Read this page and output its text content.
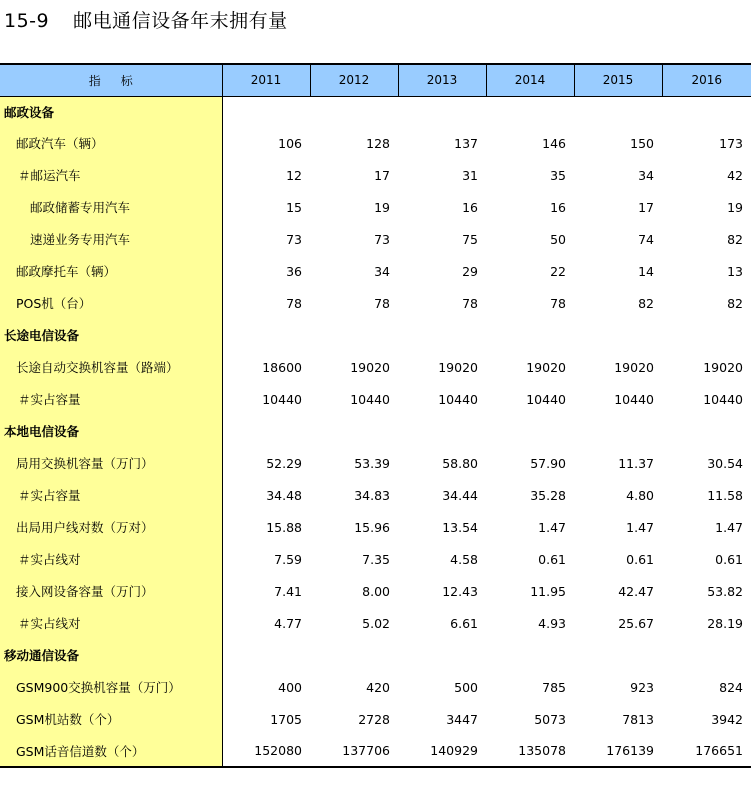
15-9 邮电通信设备年末拥有量
指标	2011	2012	2013	2014	2015	2016
邮政设备						
邮政汽车（辆）	106	128	137	146	150	173
＃邮运汽车	12	17	31	35	34	42
邮政储蓄专用汽车	15	19	16	16	17	19
速递业务专用汽车	73	73	75	50	74	82
邮政摩托车（辆）	36	34	29	22	14	13
POS机（台）	78	78	78	78	82	82
长途电信设备						
长途自动交换机容量（路端）	18600	19020	19020	19020	19020	19020
＃实占容量	10440	10440	10440	10440	10440	10440
本地电信设备						
局用交换机容量（万门）	52.29	53.39	58.80	57.90	11.37	30.54
＃实占容量	34.48	34.83	34.44	35.28	4.80	11.58
出局用户线对数（万对）	15.88	15.96	13.54	1.47	1.47	1.47
＃实占线对	7.59	7.35	4.58	0.61	0.61	0.61
接入网设备容量（万门）	7.41	8.00	12.43	11.95	42.47	53.82
＃实占线对	4.77	5.02	6.61	4.93	25.67	28.19
移动通信设备						
GSM900交换机容量（万门）	400	420	500	785	923	824
GSM机站数（个）	1705	2728	3447	5073	7813	3942
GSM话音信道数（个）	152080	137706	140929	135078	176139	176651
